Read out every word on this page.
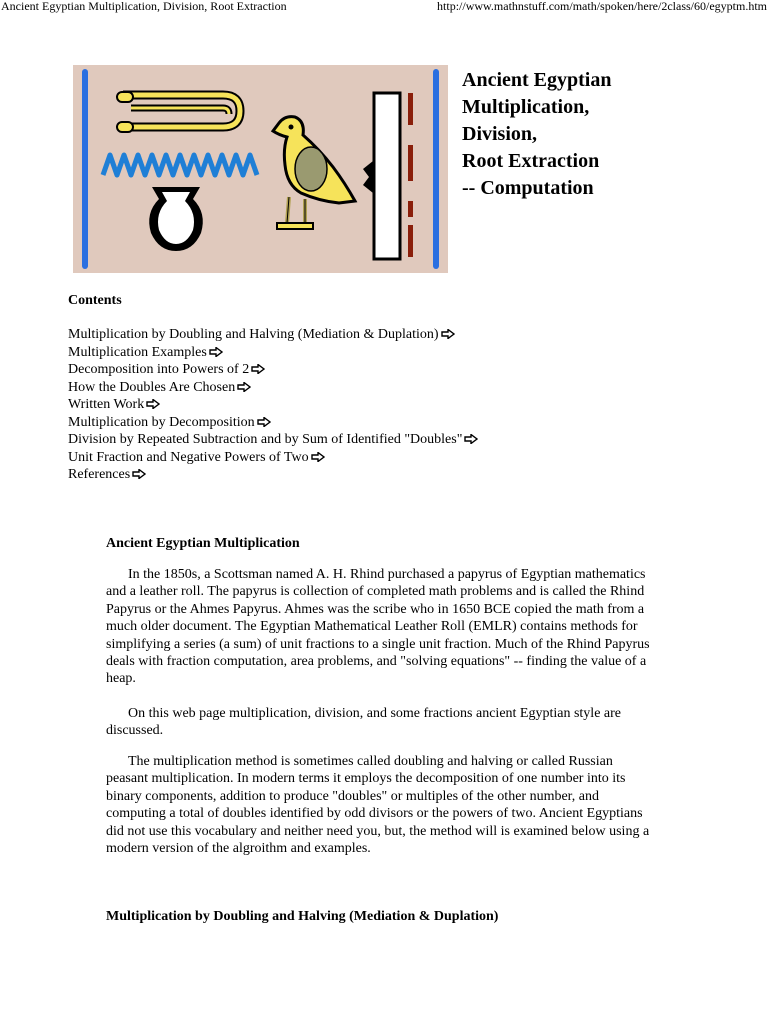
Ancient Egyptian Multiplication, Division, Root Extraction	http://www.mathnstuff.com/math/spoken/here/2class/60/egyptm.htm
Ancient Egyptian
Multiplication,
Division,
Root Extraction
-- Computation
Contents
Multiplication by Doubling and Halving (Mediation & Duplation)
Multiplication Examples
Decomposition into Powers of 2
How the Doubles Are Chosen
Written Work
Multiplication by Decomposition
Division by Repeated Subtraction and by Sum of Identified "Doubles"
Unit Fraction and Negative Powers of Two
References
Ancient Egyptian Multiplication

In the 1850s, a Scottsman named A. H. Rhind purchased a papyrus of Egyptian mathematics and a leather roll. The papyrus is collection of completed math problems and is called the Rhind Papyrus or the Ahmes Papyrus. Ahmes was the scribe who in 1650 BCE copied the math from a much older document. The Egyptian Mathematical Leather Roll (EMLR) contains methods for simplifying a series (a sum) of unit fractions to a single unit fraction. Much of the Rhind Papyrus deals with fraction computation, area problems, and "solving equations" -- finding the value of a heap.

On this web page multiplication, division, and some fractions ancient Egyptian style are discussed.

The multiplication method is sometimes called doubling and halving or called Russian peasant multiplication. In modern terms it employs the decomposition of one number into its binary components, addition to produce "doubles" or multiples of the other number, and computing a total of doubles identified by odd divisors or the powers of two. Ancient Egyptians did not use this vocabulary and neither need you, but, the method will is examined below using a modern version of the algroithm and examples.

Multiplication by Doubling and Halving (Mediation & Duplation)
